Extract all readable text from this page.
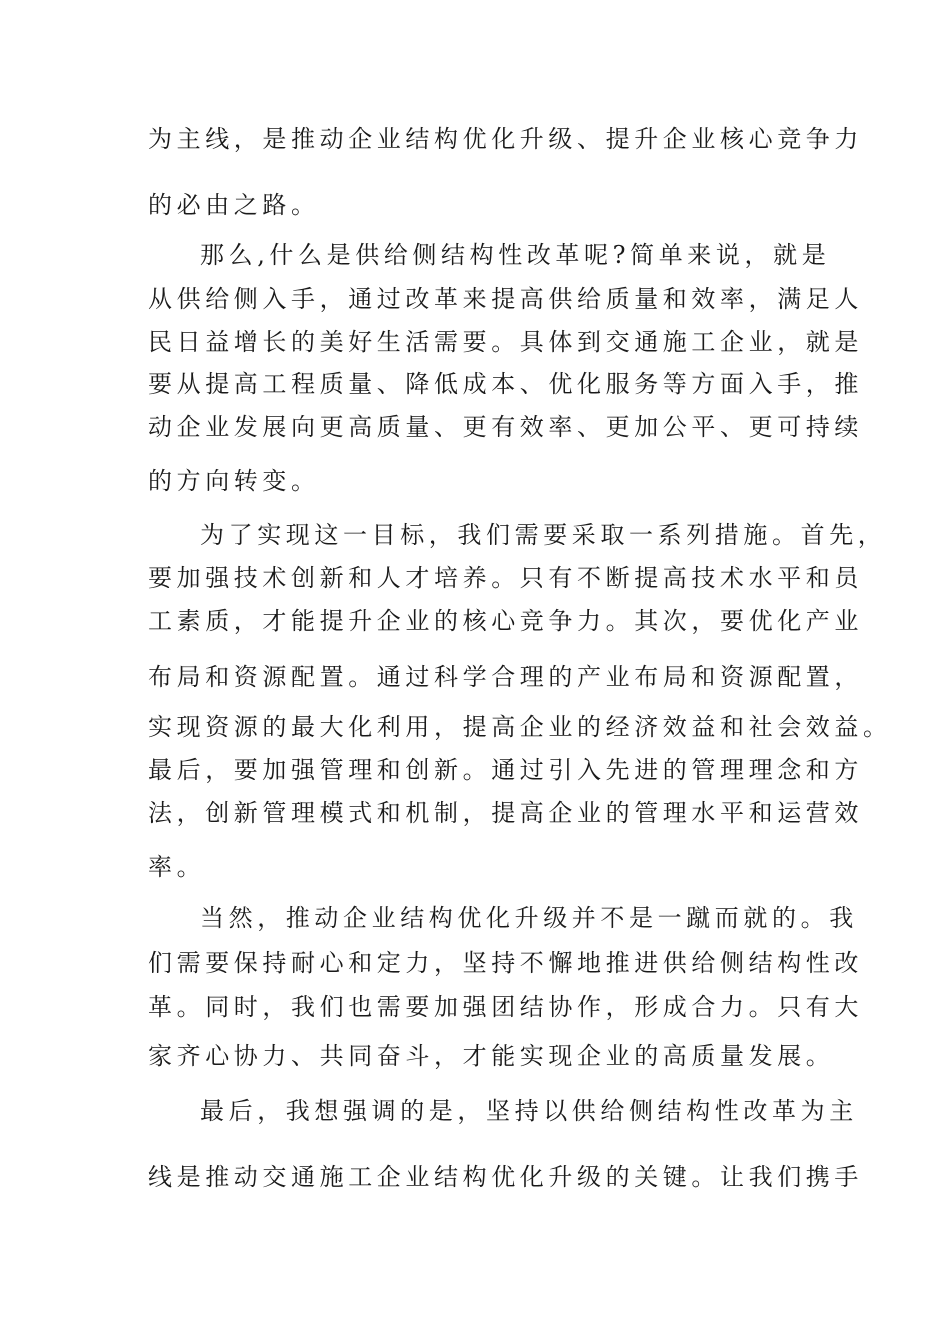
为主线，是推动企业结构优化升级、提升企业核心竞争力
的必由之路。
那么,什么是供给侧结构性改革呢?简单来说，就是
从供给侧入手，通过改革来提高供给质量和效率，满足人
民日益增长的美好生活需要。具体到交通施工企业，就是
要从提高工程质量、降低成本、优化服务等方面入手，推
动企业发展向更高质量、更有效率、更加公平、更可持续
的方向转变。
为了实现这一目标，我们需要采取一系列措施。首先，
要加强技术创新和人才培养。只有不断提高技术水平和员
工素质，才能提升企业的核心竞争力。其次，要优化产业
布局和资源配置。通过科学合理的产业布局和资源配置，
实现资源的最大化利用，提高企业的经济效益和社会效益。
最后，要加强管理和创新。通过引入先进的管理理念和方
法，创新管理模式和机制，提高企业的管理水平和运营效
率。
当然，推动企业结构优化升级并不是一蹴而就的。我
们需要保持耐心和定力，坚持不懈地推进供给侧结构性改
革。同时，我们也需要加强团结协作，形成合力。只有大
家齐心协力、共同奋斗，才能实现企业的高质量发展。
最后，我想强调的是，坚持以供给侧结构性改革为主
线是推动交通施工企业结构优化升级的关键。让我们携手
